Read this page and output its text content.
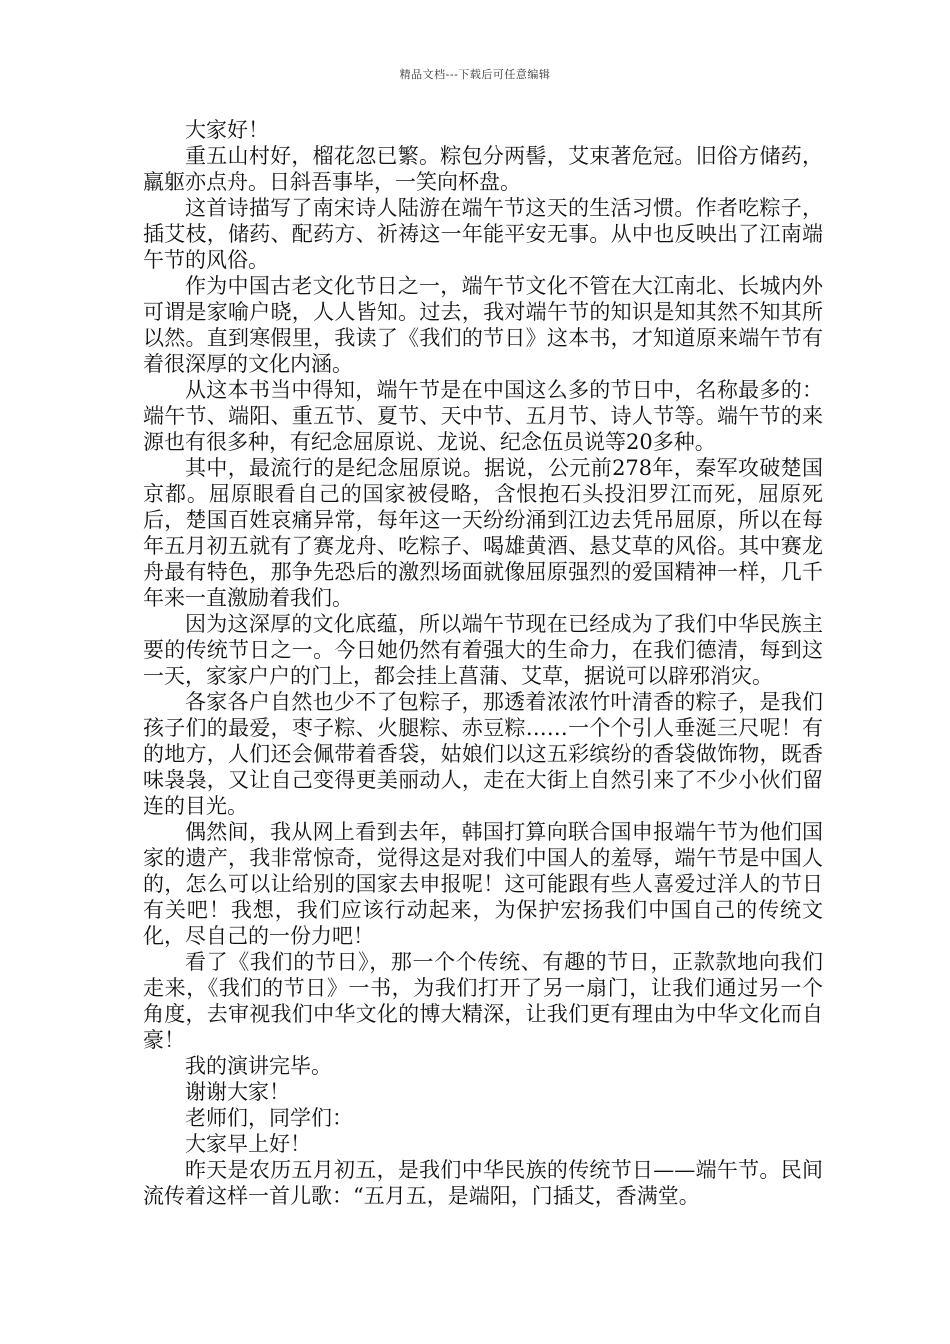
精品文档---下载后可任意编辑

大家好！

重五山村好，榴花忽已繁。粽包分两髻，艾束著危冠。旧俗方储药，羸躯亦点舟。日斜吾事毕，一笑向杯盘。

这首诗描写了南宋诗人陆游在端午节这天的生活习惯。作者吃粽子，插艾枝，储药、配药方、祈祷这一年能平安无事。从中也反映出了江南端午节的风俗。

作为中国古老文化节日之一，端午节文化不管在大江南北、长城内外可谓是家喻户晓，人人皆知。过去，我对端午节的知识是知其然不知其所以然。直到寒假里，我读了《我们的节日》这本书，才知道原来端午节有着很深厚的文化内涵。

从这本书当中得知，端午节是在中国这么多的节日中，名称最多的：端午节、端阳、重五节、夏节、天中节、五月节、诗人节等。端午节的来源也有很多种，有纪念屈原说、龙说、纪念伍员说等20多种。

其中，最流行的是纪念屈原说。据说，公元前278年，秦军攻破楚国京都。屈原眼看自己的国家被侵略，含恨抱石头投汨罗江而死，屈原死后，楚国百姓哀痛异常，每年这一天纷纷涌到江边去凭吊屈原，所以在每年五月初五就有了赛龙舟、吃粽子、喝雄黄酒、悬艾草的风俗。其中赛龙舟最有特色，那争先恐后的激烈场面就像屈原强烈的爱国精神一样，几千年来一直激励着我们。

因为这深厚的文化底蕴，所以端午节现在已经成为了我们中华民族主要的传统节日之一。今日她仍然有着强大的生命力，在我们德清，每到这一天，家家户户的门上，都会挂上菖蒲、艾草，据说可以辟邪消灾。

各家各户自然也少不了包粽子，那透着浓浓竹叶清香的粽子，是我们孩子们的最爱，枣子粽、火腿粽、赤豆粽……一个个引人垂涎三尺呢！有的地方，人们还会佩带着香袋，姑娘们以这五彩缤纷的香袋做饰物，既香味袅袅，又让自己变得更美丽动人，走在大街上自然引来了不少小伙们留连的目光。

偶然间，我从网上看到去年，韩国打算向联合国申报端午节为他们国家的遗产，我非常惊奇，觉得这是对我们中国人的羞辱，端午节是中国人的，怎么可以让给别的国家去申报呢！这可能跟有些人喜爱过洋人的节日有关吧！我想，我们应该行动起来，为保护宏扬我们中国自己的传统文化，尽自己的一份力吧！

看了《我们的节日》，那一个个传统、有趣的节日，正款款地向我们走来，《我们的节日》一书，为我们打开了另一扇门，让我们通过另一个角度，去审视我们中华文化的博大精深，让我们更有理由为中华文化而自豪！

我的演讲完毕。

谢谢大家！

老师们，同学们：

大家早上好！

昨天是农历五月初五，是我们中华民族的传统节日——端午节。民间流传着这样一首儿歌：“五月五，是端阳，门插艾，香满堂。
